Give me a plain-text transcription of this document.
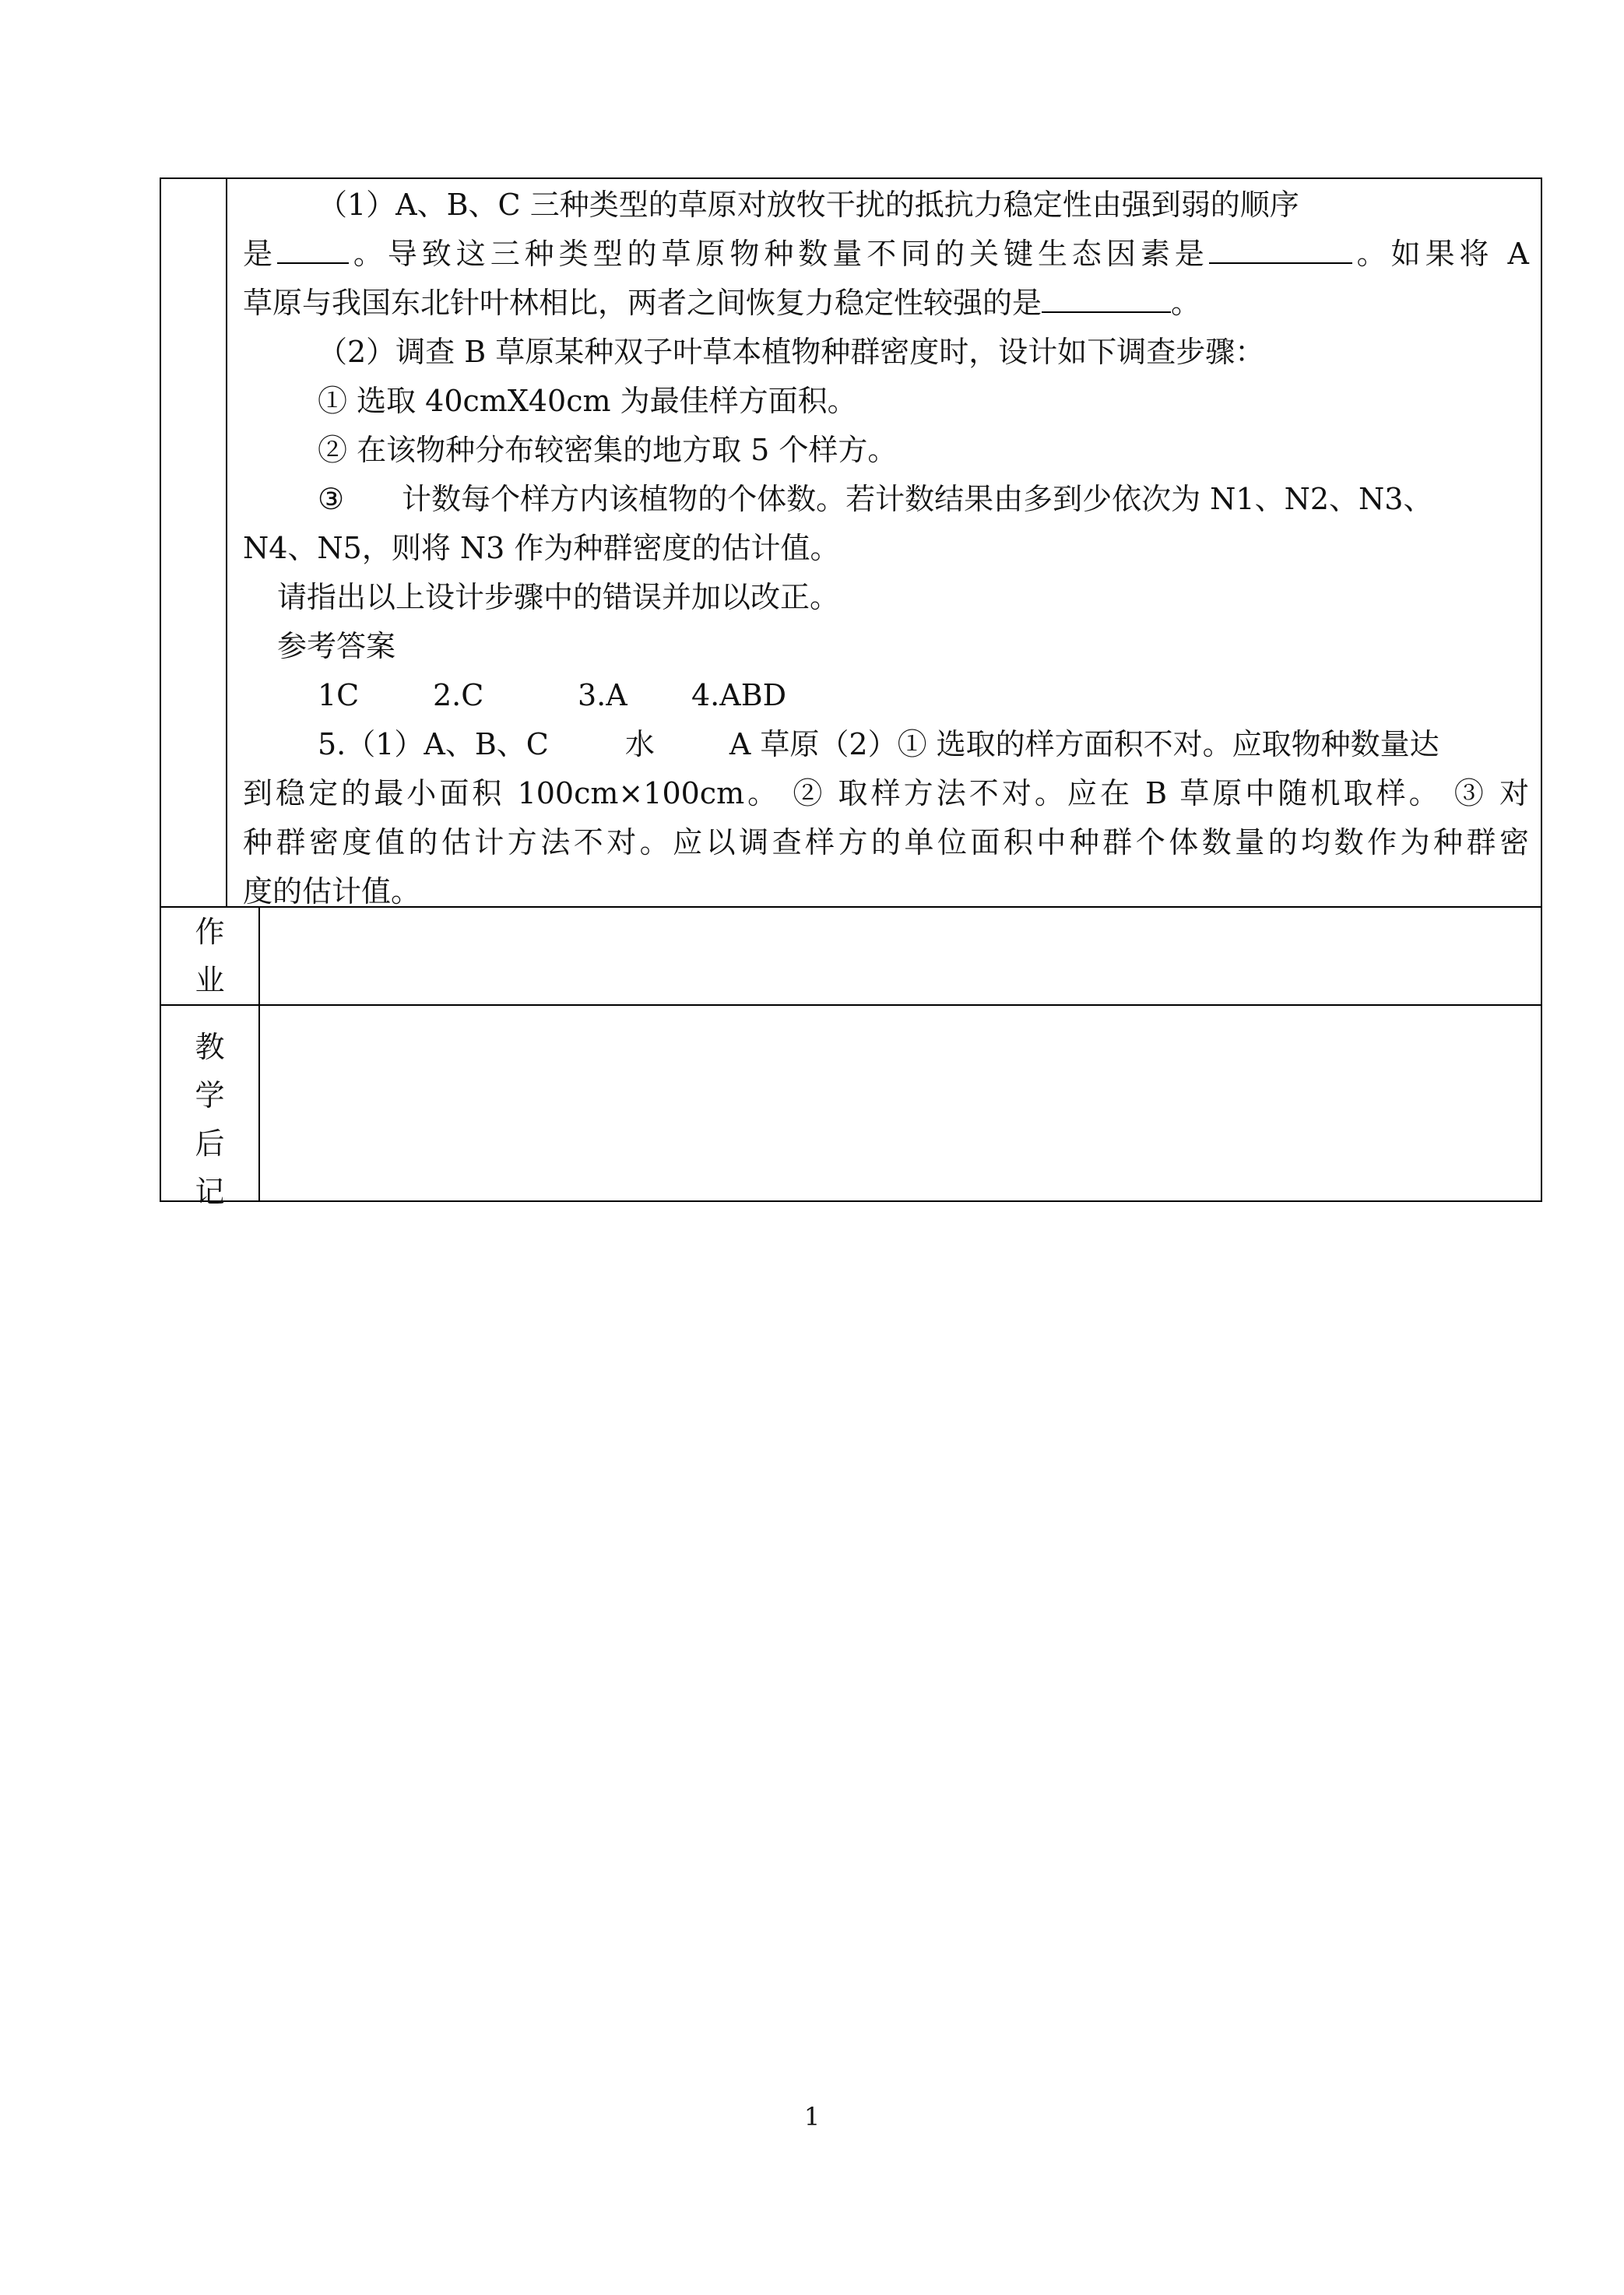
（1）A、B、C 三种类型的草原对放牧干扰的抵抗力稳定性由强到弱的顺序

是 。导致这三种类型的草原物种数量不同的关键生态因素是	。如果将 A

草原与我国东北针叶林相比，两者之间恢复力稳定性较强的是	。

（2）调查 B 草原某种双子叶草本植物种群密度时，设计如下调查步骤：

① 选取 40cmX40cm 为最佳样方面积。

② 在该物种分布较密集的地方取 5 个样方。

③ 计数每个样方内该植物的个体数。若计数结果由多到少依次为 N1、N2、N3、

N4、N5，则将 N3 作为种群密度的估计值。

请指出以上设计步骤中的错误并加以改正。

参考答案

1C 2.C	3.A 4.ABD

5.（1）A、B、C	水	A 草原（2）① 选取的样方面积不对。应取物种数量达

到稳定的最小面积 100cm×100cm。 ② 取样方法不对。应在 B 草原中随机取样。 ③ 对

种群密度值的估计方法不对。应以调查样方的单位面积中种群个体数量的均数作为种群密

度的估计值。

作
业
教
学
后
记
1
